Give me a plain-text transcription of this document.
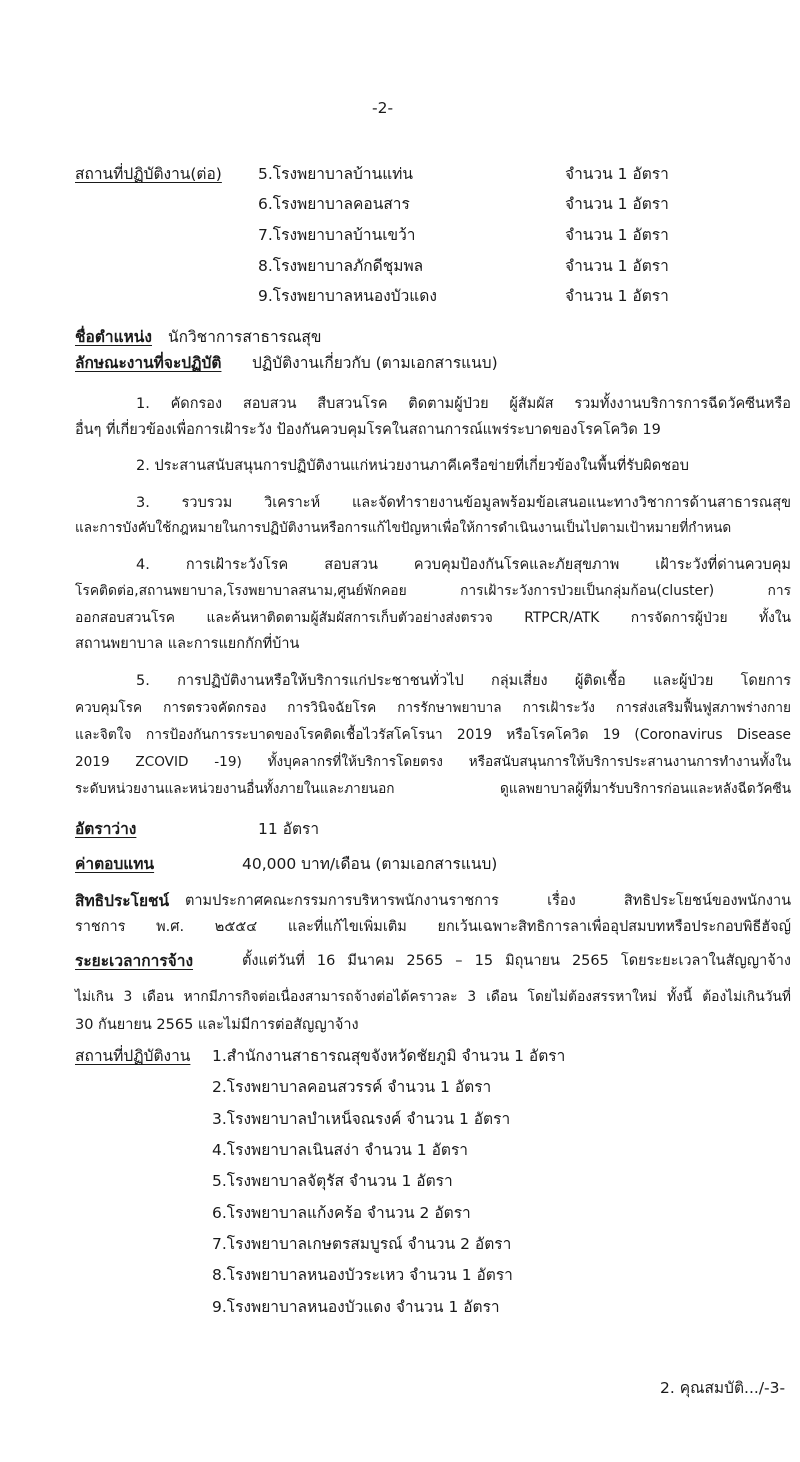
-2-
สถานที่ปฏิบัติงาน(ต่อ) 5.โรงพยาบาลบ้านแท่น	จำนวน 1 อัตรา
6.โรงพยาบาลคอนสาร	จำนวน 1 อัตรา
7.โรงพยาบาลบ้านเขว้า	จำนวน 1 อัตรา
8.โรงพยาบาลภักดีชุมพล	จำนวน 1 อัตรา
9.โรงพยาบาลหนองบัวแดง	จำนวน 1 อัตรา
ชื่อตำแหน่ง นักวิชาการสาธารณสุข
ลักษณะงานที่จะปฏิบัติ ปฏิบัติงานเกี่ยวกับ (ตามเอกสารแนบ)
1. คัดกรอง สอบสวน สืบสวนโรค ติดตามผู้ป่วย ผู้สัมผัส รวมทั้งงานบริการการฉีดวัคซีนหรือ
อื่นๆ ที่เกี่ยวข้องเพื่อการเฝ้าระวัง ป้องกันควบคุมโรคในสถานการณ์แพร่ระบาดของโรคโควิด 19
2. ประสานสนับสนุนการปฏิบัติงานแก่หน่วยงานภาคีเครือข่ายที่เกี่ยวข้องในพื้นที่รับผิดชอบ
3. รวบรวม วิเคราะห์ และจัดทำรายงานข้อมูลพร้อมข้อเสนอแนะทางวิชาการด้านสาธารณสุข
และการบังคับใช้กฎหมายในการปฏิบัติงานหรือการแก้ไขปัญหาเพื่อให้การดำเนินงานเป็นไปตามเป้าหมายที่กำหนด
4. การเฝ้าระวังโรค สอบสวน ควบคุมป้องกันโรคและภัยสุขภาพ เฝ้าระวังที่ด่านควบคุม
โรคติดต่อ,สถานพยาบาล,โรงพยาบาลสนาม,ศูนย์พักคอย การเฝ้าระวังการป่วยเป็นกลุ่มก้อน(cluster) การ
ออกสอบสวนโรค และค้นหาติดตามผู้สัมผัสการเก็บตัวอย่างส่งตรวจ RTPCR/ATK การจัดการผู้ป่วย ทั้งใน
สถานพยาบาล และการแยกกักที่บ้าน
5. การปฏิบัติงานหรือให้บริการแก่ประชาชนทั่วไป กลุ่มเสี่ยง ผู้ติดเชื้อ และผู้ป่วย โดยการ
ควบคุมโรค การตรวจคัดกรอง การวินิจฉัยโรค การรักษาพยาบาล การเฝ้าระวัง การส่งเสริมฟื้นฟูสภาพร่างกาย
และจิตใจ การป้องกันการระบาดของโรคติดเชื้อไวรัสโคโรนา 2019 หรือโรคโควิด 19 (Coronavirus Disease
2019 ZCOVID -19) ทั้งบุคลากรที่ให้บริการโดยตรง หรือสนับสนุนการให้บริการประสานงานการทำงานทั้งใน
ระดับหน่วยงานและหน่วยงานอื่นทั้งภายในและภายนอก ดูแลพยาบาลผู้ที่มารับบริการก่อนและหลังฉีดวัคซีน
อัตราว่าง	11 อัตรา
ค่าตอบแทน	40,000 บาท/เดือน (ตามเอกสารแนบ)
สิทธิประโยชน์ ตามประกาศคณะกรรมการบริหารพนักงานราชการ เรื่อง สิทธิประโยชน์ของพนักงาน
ราชการ พ.ศ. ๒๕๕๔ และที่แก้ไขเพิ่มเติม ยกเว้นเฉพาะสิทธิการลาเพื่ออุปสมบทหรือประกอบพิธีฮัจญ์
ระยะเวลาการจ้าง	ตั้งแต่วันที่ 16 มีนาคม 2565 – 15 มิถุนายน 2565 โดยระยะเวลาในสัญญาจ้าง
ไม่เกิน 3 เดือน หากมีภารกิจต่อเนื่องสามารถจ้างต่อได้คราวละ 3 เดือน โดยไม่ต้องสรรหาใหม่ ทั้งนี้ ต้องไม่เกินวันที่
30 กันยายน 2565 และไม่มีการต่อสัญญาจ้าง
สถานที่ปฏิบัติงาน 1.สำนักงานสาธารณสุขจังหวัดชัยภูมิ จำนวน 1 อัตรา
2.โรงพยาบาลคอนสวรรค์ จำนวน 1 อัตรา
3.โรงพยาบาลบำเหน็จณรงค์ จำนวน 1 อัตรา
4.โรงพยาบาลเนินสง่า จำนวน 1 อัตรา
5.โรงพยาบาลจัตุรัส จำนวน 1 อัตรา
6.โรงพยาบาลแก้งคร้อ จำนวน 2 อัตรา
7.โรงพยาบาลเกษตรสมบูรณ์ จำนวน 2 อัตรา
8.โรงพยาบาลหนองบัวระเหว จำนวน 1 อัตรา
9.โรงพยาบาลหนองบัวแดง จำนวน 1 อัตรา
2. คุณสมบัติ.../-3-
